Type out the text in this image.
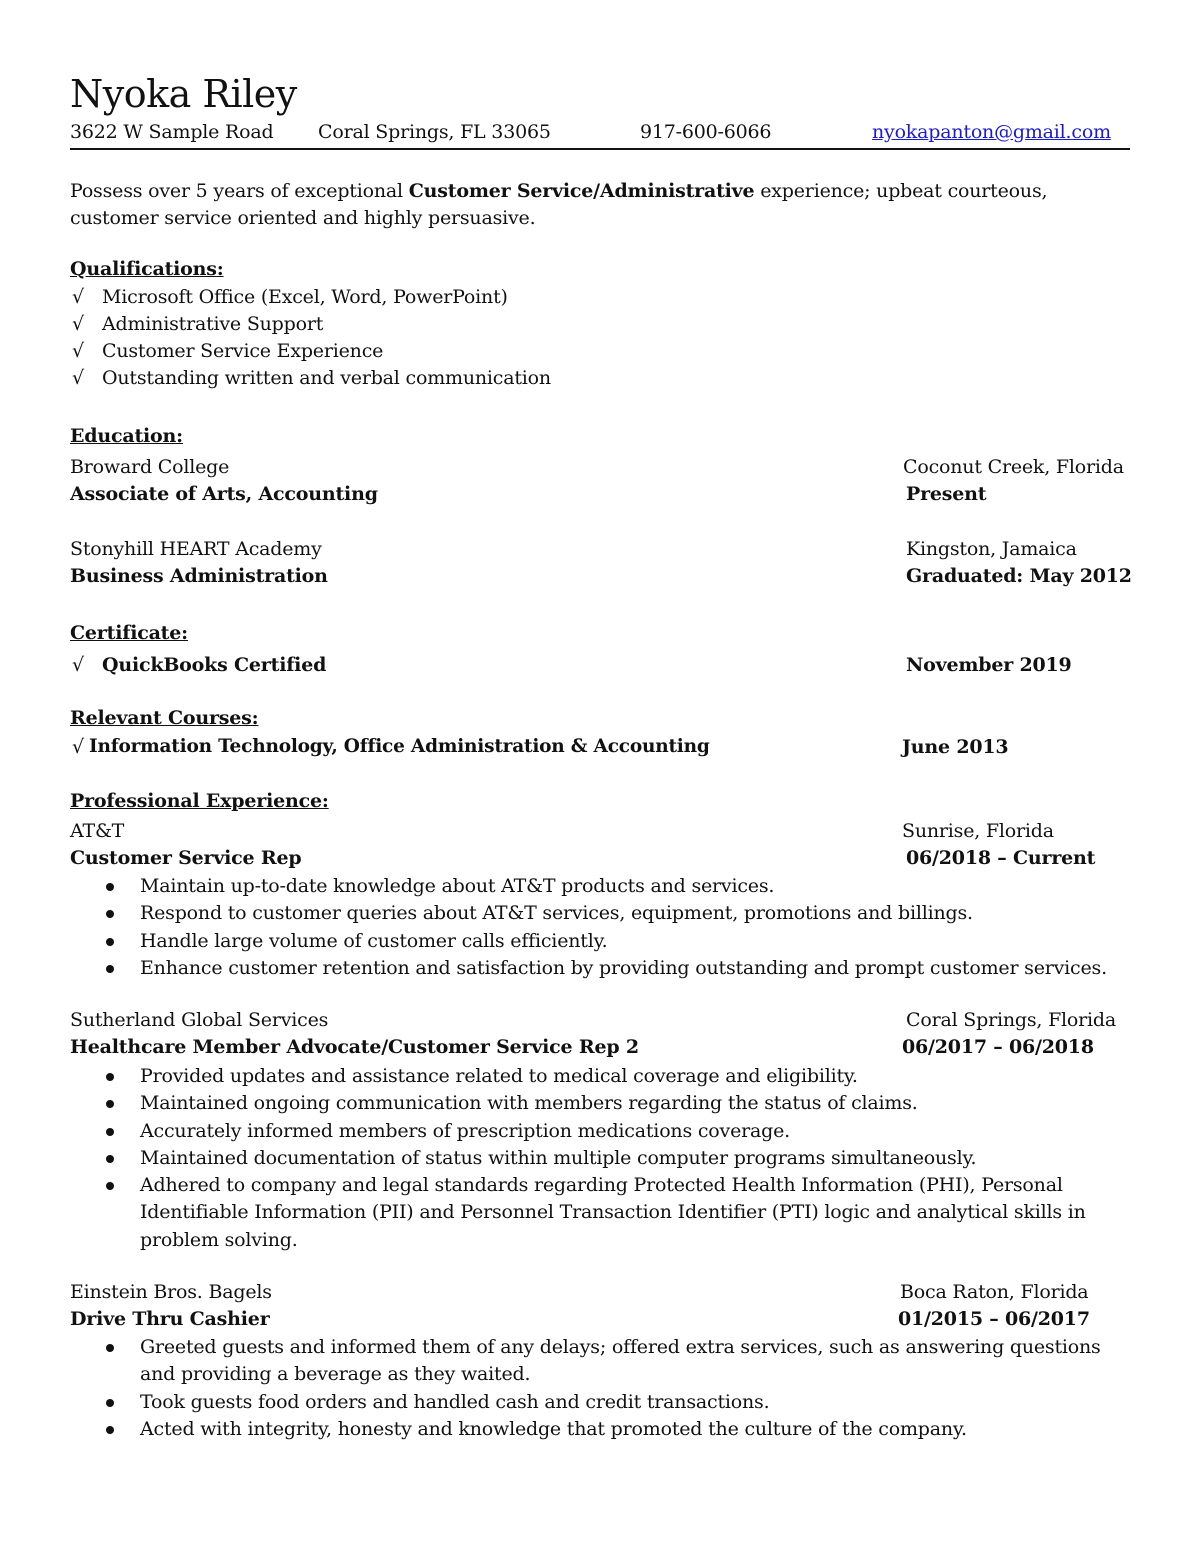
Nyoka Riley
3622 W Sample Road Coral Springs, FL 33065	917-600-6066	nyokapanton@gmail.com
Possess over 5 years of exceptional Customer Service/Administrative experience; upbeat courteous, customer service oriented and highly persuasive.
Qualifications:
√ Microsoft Office (Excel, Word, PowerPoint)
√ Administrative Support
√ Customer Service Experience
√ Outstanding written and verbal communication
Education:
Broward College	Coconut Creek, Florida
Associate of Arts, Accounting	Present
Stonyhill HEART Academy	Kingston, Jamaica
Business Administration	Graduated: May 2012
Certificate:
√ QuickBooks Certified	November 2019
Relevant Courses:
√ Information Technology, Office Administration & Accounting	June 2013
Professional Experience:
AT&T	Sunrise, Florida
Customer Service Rep	06/2018 – Current
Maintain up-to-date knowledge about AT&T products and services.
Respond to customer queries about AT&T services, equipment, promotions and billings.
Handle large volume of customer calls efficiently.
Enhance customer retention and satisfaction by providing outstanding and prompt customer services.
Sutherland Global Services	Coral Springs, Florida
Healthcare Member Advocate/Customer Service Rep 2	06/2017 – 06/2018
Provided updates and assistance related to medical coverage and eligibility.
Maintained ongoing communication with members regarding the status of claims.
Accurately informed members of prescription medications coverage.
Maintained documentation of status within multiple computer programs simultaneously.
Adhered to company and legal standards regarding Protected Health Information (PHI), Personal Identifiable Information (PII) and Personnel Transaction Identifier (PTI) logic and analytical skills in problem solving.
Einstein Bros. Bagels	Boca Raton, Florida
Drive Thru Cashier	01/2015 – 06/2017
Greeted guests and informed them of any delays; offered extra services, such as answering questions and providing a beverage as they waited.
Took guests food orders and handled cash and credit transactions.
Acted with integrity, honesty and knowledge that promoted the culture of the company.
